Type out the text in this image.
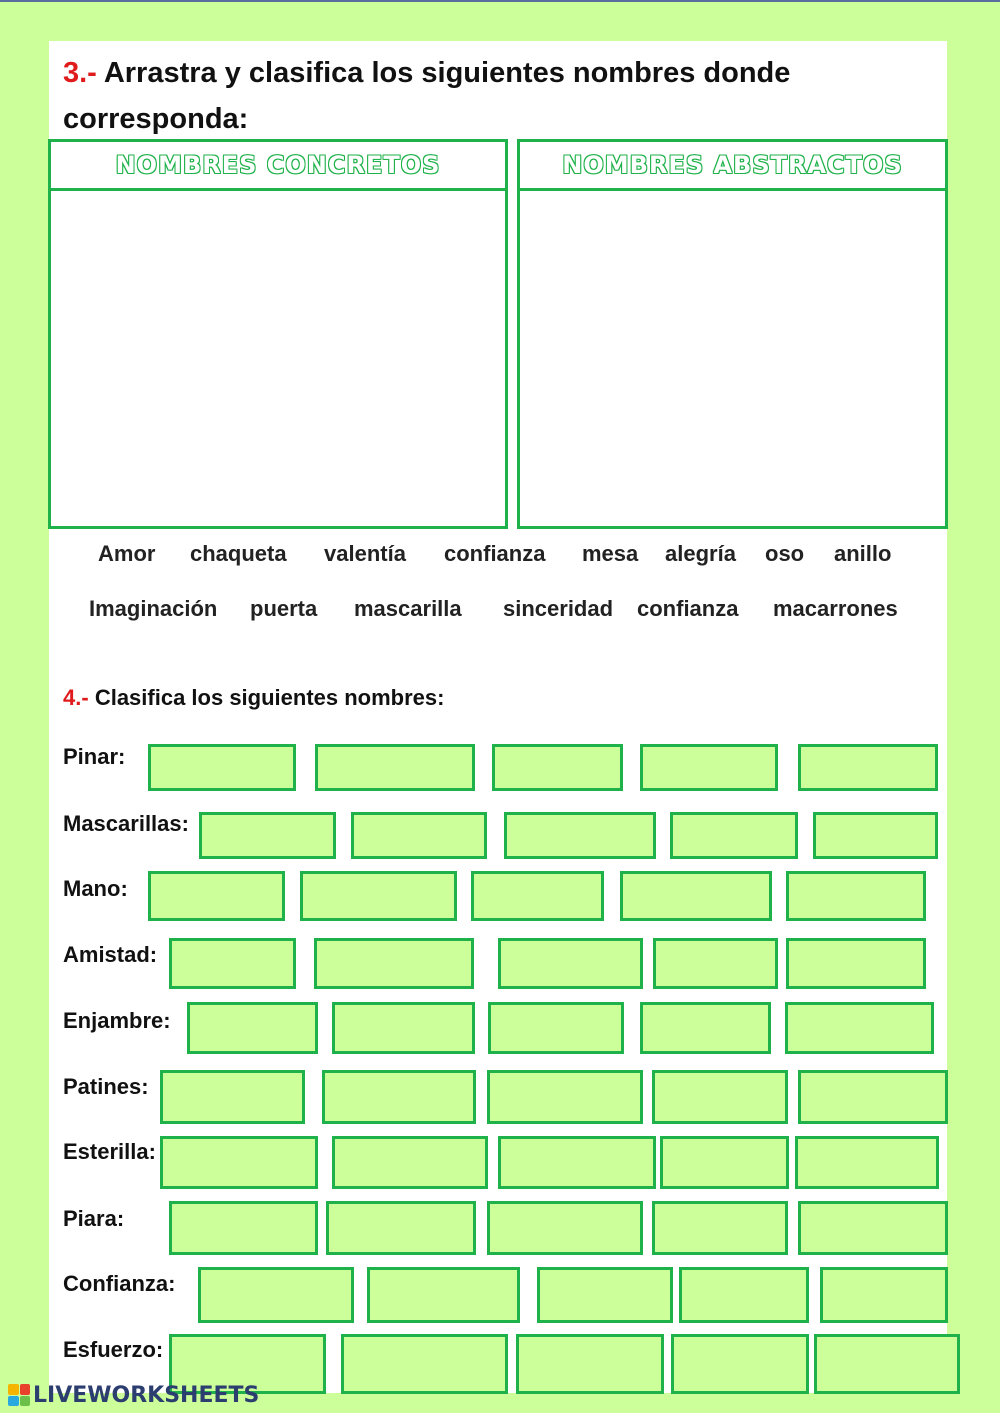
3.- Arrastra y clasifica los siguientes nombres donde corresponda:
NOMBRES CONCRETOS	NOMBRES ABSTRACTOS
Amor chaqueta valentía confianza mesa alegría oso anillo
Imaginación puerta mascarilla sinceridad confianza macarrones
4.- Clasifica los siguientes nombres:
Pinar:
Mascarillas:
Mano:
Amistad:
Enjambre:
Patines:
Esterilla:
Piara:
Confianza:
Esfuerzo:
LIVEWORKSHEETS
